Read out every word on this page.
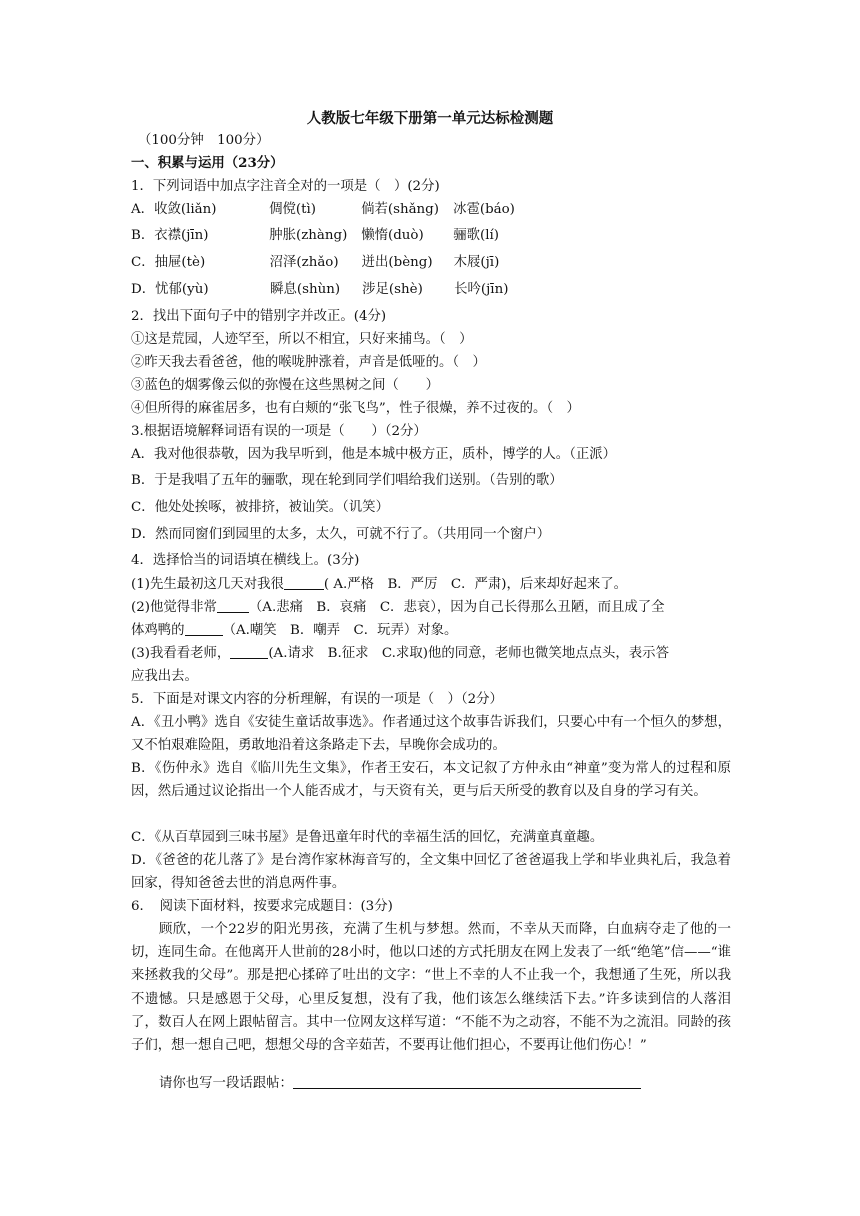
人教版七年级下册第一单元达标检测题
（100分钟　100分）
一、积累与运用（23分）
1．下列词语中加点字注音全对的一项是（　）(2分)
A．收敛(liǎn)	倜傥(tì)	倘若(shǎng) 冰雹(báo)
B．衣襟(jīn)	肿胀(zhàng) 懒惰(duò) 骊歌(lí)
C．抽屉(tè)	沼泽(zhǎo) 迸出(bèng) 木屐(jī)
D．忧郁(yù)	瞬息(shùn) 涉足(shè) 长吟(jīn)
2．找出下面句子中的错别字并改正。(4分)
①这是荒园，人迹罕至，所以不相宜，只好来捕鸟。（　）
②昨天我去看爸爸，他的喉咙肿涨着，声音是低哑的。（　）
③蓝色的烟雾像云似的弥慢在这些黑树之间（　　）
④但所得的麻雀居多，也有白颊的“张飞鸟”，性子很燥，养不过夜的。（　）
3.根据语境解释词语有误的一项是（　　）（2分）
A．我对他很恭敬，因为我早听到，他是本城中极方正，质朴，博学的人。（正派）
B．于是我唱了五年的骊歌，现在轮到同学们唱给我们送别。（告别的歌）
C．他处处挨啄，被排挤，被讪笑。（讥笑）
D．然而同窗们到园里的太多，太久，可就不行了。（共用同一个窗户）
4．选择恰当的词语填在横线上。(3分)
(1)先生最初这几天对我很	( A.严格　B．严厉　C．严肃)，后来却好起来了。
(2)他觉得非常 （A.悲痛　B．哀痛　C．悲哀），因为自己长得那么丑陋，而且成了全
体鸡鸭的	（A.嘲笑　B．嘲弄　C．玩弄）对象。
(3)我看看老师，	(A.请求　B.征求　C.求取)他的同意，老师也微笑地点点头，表示答
应我出去。
5．下面是对课文内容的分析理解，有误的一项是（　）（2分）
A．《丑小鸭》选自《安徒生童话故事选》。作者通过这个故事告诉我们，只要心中有一个恒久的梦想，又不怕艰难险阻，勇敢地沿着这条路走下去，早晚你会成功的。
B．《伤仲永》选自《临川先生文集》，作者王安石，本文记叙了方仲永由“神童”变为常人的过程和原因，然后通过议论指出一个人能否成才，与天资有关，更与后天所受的教育以及自身的学习有关。
C．《从百草园到三味书屋》是鲁迅童年时代的幸福生活的回忆，充满童真童趣。
D．《爸爸的花儿落了》是台湾作家林海音写的，全文集中回忆了爸爸逼我上学和毕业典礼后，我急着回家，得知爸爸去世的消息两件事。
6．　阅读下面材料，按要求完成题目：(3分)
顾欣，一个22岁的阳光男孩，充满了生机与梦想。然而，不幸从天而降，白血病夺走了他的一切，连同生命。在他离开人世前的28小时，他以口述的方式托朋友在网上发表了一纸“绝笔”信——“谁来拯救我的父母”。那是把心揉碎了吐出的文字：“世上不幸的人不止我一个，我想通了生死，所以我不遗憾。只是感恩于父母，心里反复想，没有了我，他们该怎么继续活下去。”许多读到信的人落泪了，数百人在网上跟帖留言。其中一位网友这样写道：“不能不为之动容，不能不为之流泪。同龄的孩子们，想一想自己吧，想想父母的含辛茹苦，不要再让他们担心，不要再让他们伤心！”
请你也写一段话跟帖：
